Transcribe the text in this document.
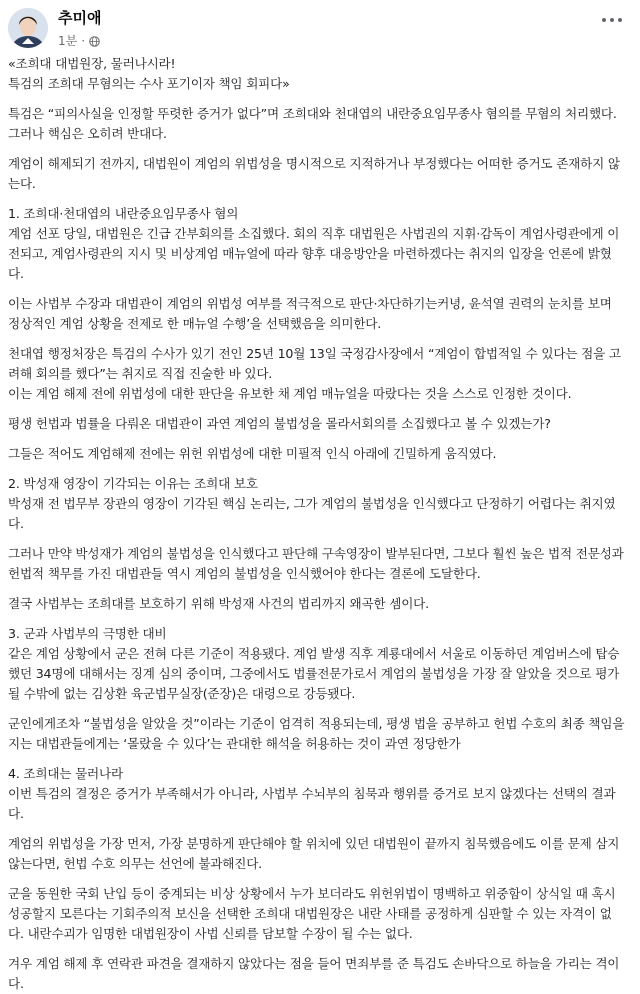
추미애
1분 ·

«조희대 대법원장, 물러나시라!
특검의 조희대 무혐의는 수사 포기이자 책임 회피다»

특검은 “피의사실을 인정할 뚜렷한 증거가 없다”며 조희대와 천대엽의 내란중요임무종사 혐의를 무혐의 처리했다. 그러나 핵심은 오히려 반대다.

계엄이 해제되기 전까지, 대법원이 계엄의 위법성을 명시적으로 지적하거나 부정했다는 어떠한 증거도 존재하지 않는다.

1. 조희대·천대엽의 내란중요임무종사 혐의
계엄 선포 당일, 대법원은 긴급 간부회의를 소집했다. 회의 직후 대법원은 사법권의 지휘·감독이 계엄사령관에게 이전되고, 계엄사령관의 지시 및 비상계엄 매뉴얼에 따라 향후 대응방안을 마련하겠다는 취지의 입장을 언론에 밝혔다.

이는 사법부 수장과 대법관이 계엄의 위법성 여부를 적극적으로 판단·차단하기는커녕, 윤석열 권력의 눈치를 보며 정상적인 계엄 상황을 전제로 한 매뉴얼 수행’을 선택했음을 의미한다.

천대엽 행정처장은 특검의 수사가 있기 전인 25년 10월 13일 국정감사장에서 “계엄이 합법적일 수 있다는 점을 고려해 회의를 했다”는 취지로 직접 진술한 바 있다.
이는 계엄 해제 전에 위법성에 대한 판단을 유보한 채 계엄 매뉴얼을 따랐다는 것을 스스로 인정한 것이다.

평생 헌법과 법률을 다뤄온 대법관이 과연 계엄의 불법성을 몰라서회의를 소집했다고 볼 수 있겠는가?

그들은 적어도 계엄해제 전에는 위헌 위법성에 대한 미필적 인식 아래에 긴밀하게 움직였다.

2. 박성재 영장이 기각되는 이유는 조희대 보호
박성재 전 법무부 장관의 영장이 기각된 핵심 논리는, 그가 계엄의 불법성을 인식했다고 단정하기 어렵다는 취지였다.

그러나 만약 박성재가 계엄의 불법성을 인식했다고 판단해 구속영장이 발부된다면, 그보다 훨씬 높은 법적 전문성과 헌법적 책무를 가진 대법관들 역시 계엄의 불법성을 인식했어야 한다는 결론에 도달한다.

결국 사법부는 조희대를 보호하기 위해 박성재 사건의 법리까지 왜곡한 셈이다.

3. 군과 사법부의 극명한 대비
같은 계엄 상황에서 군은 전혀 다른 기준이 적용됐다. 계엄 발생 직후 계룡대에서 서울로 이동하던 계엄버스에 탑승했던 34명에 대해서는 징계 심의 중이며, 그중에서도 법률전문가로서 계엄의 불법성을 가장 잘 알았을 것으로 평가될 수밖에 없는 김상환 육군법무실장(준장)은 대령으로 강등됐다.

군인에게조차 “불법성을 알았을 것”이라는 기준이 엄격히 적용되는데, 평생 법을 공부하고 헌법 수호의 최종 책임을 지는 대법관들에게는 ‘몰랐을 수 있다’는 관대한 해석을 허용하는 것이 과연 정당한가

4. 조희대는 물러나라
이번 특검의 결정은 증거가 부족해서가 아니라, 사법부 수뇌부의 침묵과 행위를 증거로 보지 않겠다는 선택의 결과다.

계엄의 위법성을 가장 먼저, 가장 분명하게 판단해야 할 위치에 있던 대법원이 끝까지 침묵했음에도 이를 문제 삼지 않는다면, 헌법 수호 의무는 선언에 불과해진다.

군을 동원한 국회 난입 등이 중계되는 비상 상황에서 누가 보더라도 위헌위법이 명백하고 위중함이 상식일 때 혹시 성공할지 모른다는 기회주의적 보신을 선택한 조희대 대법원장은 내란 사태를 공정하게 심판할 수 있는 자격이 없다. 내란수괴가 임명한 대법원장이 사법 신뢰를 담보할 수장이 될 수는 없다.

겨우 계엄 해제 후 연락관 파견을 결재하지 않았다는 점을 들어 면죄부를 준 특검도 손바닥으로 하늘을 가리는 격이다.
